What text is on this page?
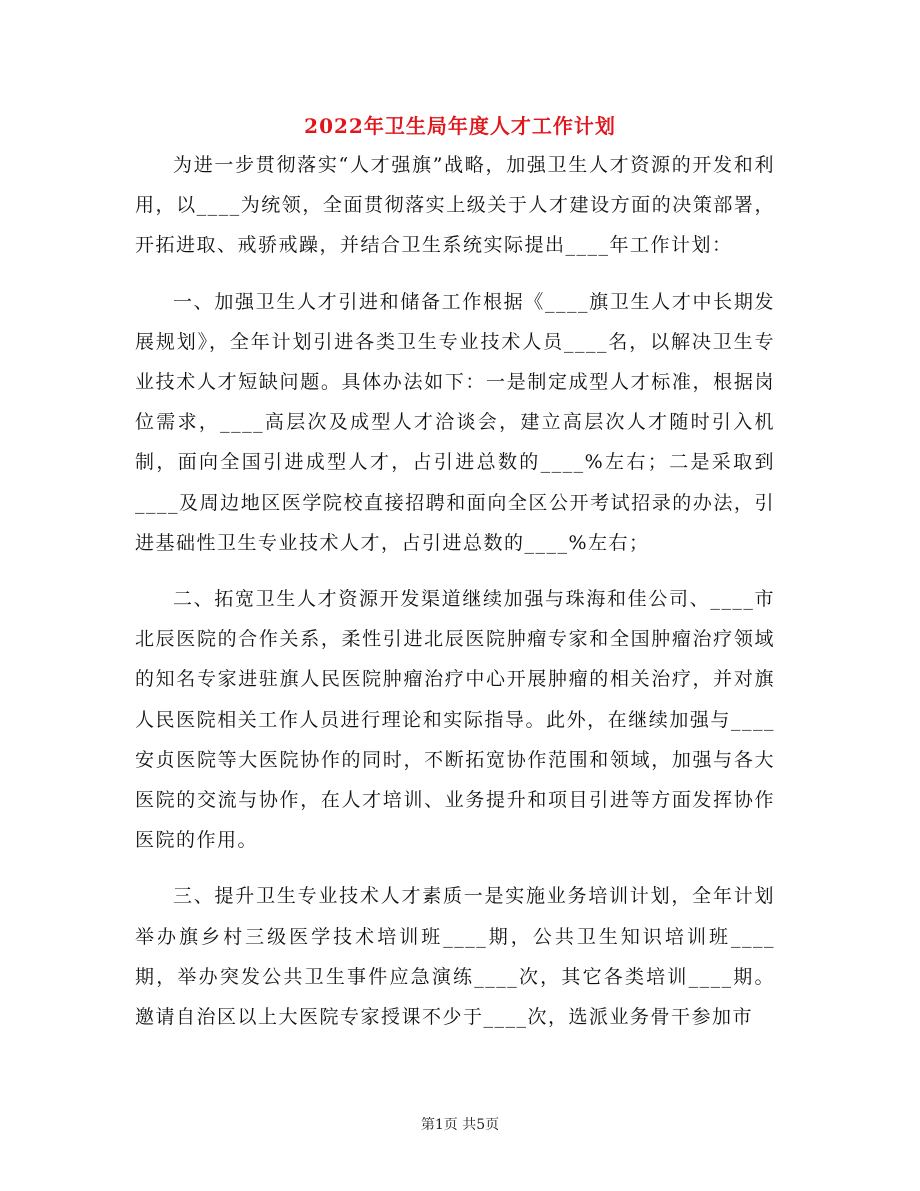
2022年卫生局年度人才工作计划

为进一步贯彻落实“人才强旗”战略，加强卫生人才资源的开发和利用，以____为统领，全面贯彻落实上级关于人才建设方面的决策部署，开拓进取、戒骄戒躁，并结合卫生系统实际提出____年工作计划：

一、加强卫生人才引进和储备工作根据《____旗卫生人才中长期发展规划》，全年计划引进各类卫生专业技术人员____名，以解决卫生专业技术人才短缺问题。具体办法如下：一是制定成型人才标准，根据岗位需求，____高层次及成型人才洽谈会，建立高层次人才随时引入机制，面向全国引进成型人才，占引进总数的____%左右；二是采取到____及周边地区医学院校直接招聘和面向全区公开考试招录的办法，引进基础性卫生专业技术人才，占引进总数的____%左右；

二、拓宽卫生人才资源开发渠道继续加强与珠海和佳公司、____市北辰医院的合作关系，柔性引进北辰医院肿瘤专家和全国肿瘤治疗领域的知名专家进驻旗人民医院肿瘤治疗中心开展肿瘤的相关治疗，并对旗人民医院相关工作人员进行理论和实际指导。此外，在继续加强与____安贞医院等大医院协作的同时，不断拓宽协作范围和领域，加强与各大医院的交流与协作，在人才培训、业务提升和项目引进等方面发挥协作医院的作用。

三、提升卫生专业技术人才素质一是实施业务培训计划，全年计划举办旗乡村三级医学技术培训班____期，公共卫生知识培训班____期，举办突发公共卫生事件应急演练____次，其它各类培训____期。邀请自治区以上大医院专家授课不少于____次，选派业务骨干参加市

第1页 共5页
